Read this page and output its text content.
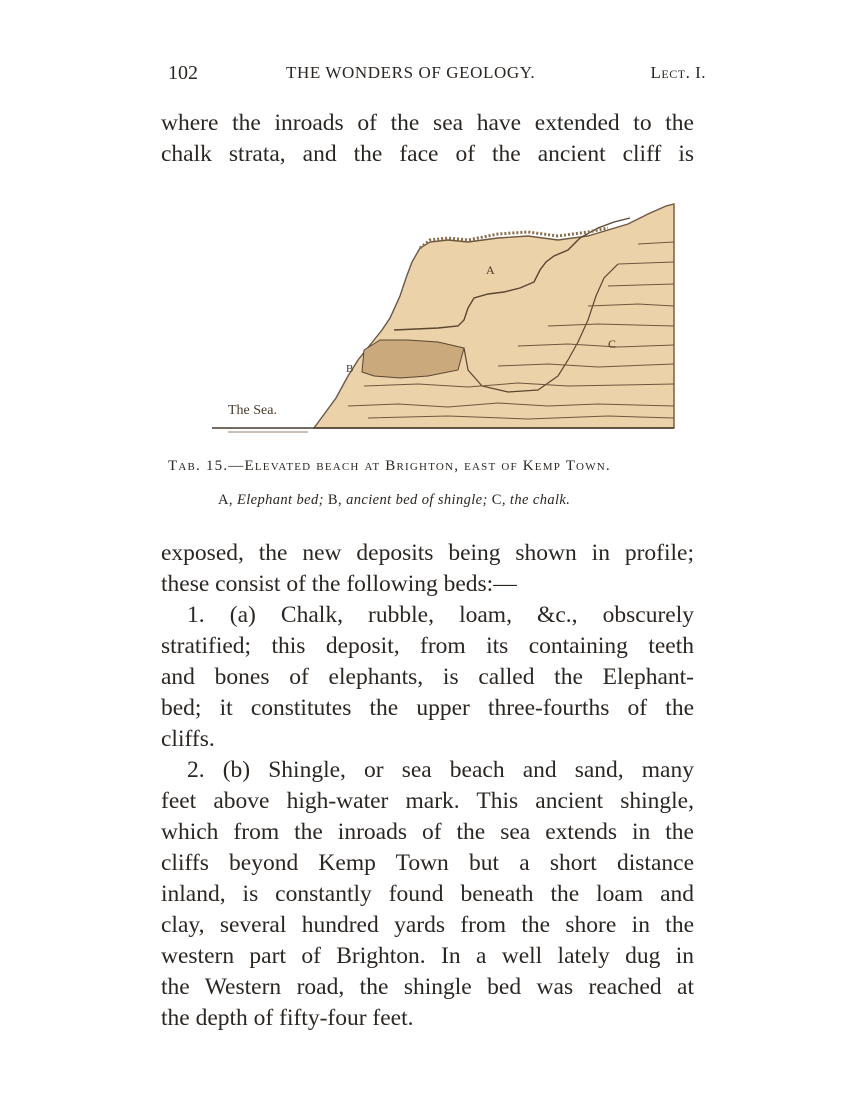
102	THE WONDERS OF GEOLOGY.	Lect. I.
where the inroads of the sea have extended to the
chalk strata, and the face of the ancient cliff is
A
B
C
The Sea.
Tab. 15.—Elevated beach at Brighton, east of Kemp Town.
A, Elephant bed; B, ancient bed of shingle; C, the chalk.
exposed, the new deposits being shown in profile;
these consist of the following beds:—
1. (a) Chalk, rubble, loam, &c., obscurely
stratified; this deposit, from its containing teeth
and bones of elephants, is called the Elephant-
bed; it constitutes the upper three-fourths of the
cliffs.
2. (b) Shingle, or sea beach and sand, many
feet above high-water mark. This ancient shingle,
which from the inroads of the sea extends in the
cliffs beyond Kemp Town but a short distance
inland, is constantly found beneath the loam and
clay, several hundred yards from the shore in the
western part of Brighton. In a well lately dug in
the Western road, the shingle bed was reached at
the depth of fifty-four feet.
